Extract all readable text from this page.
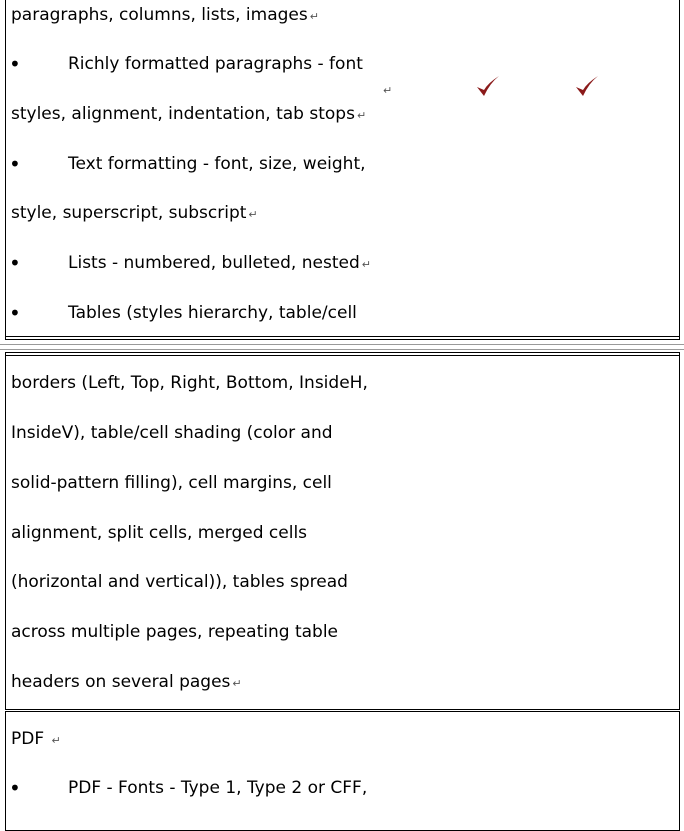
paragraphs, columns, lists, images ↵
•	Richly formatted paragraphs - font
↵
styles, alignment, indentation, tab stops ↵
•	Text formatting - font, size, weight,
style, superscript, subscript ↵
•	Lists - numbered, bulleted, nested ↵
•	Tables (styles hierarchy, table/cell
borders (Left, Top, Right, Bottom, InsideH,
InsideV), table/cell shading (color and
solid-pattern filling), cell margins, cell
alignment, split cells, merged cells
(horizontal and vertical)), tables spread
across multiple pages, repeating table
headers on several pages ↵
PDF ↵
•	PDF - Fonts - Type 1, Type 2 or CFF,
